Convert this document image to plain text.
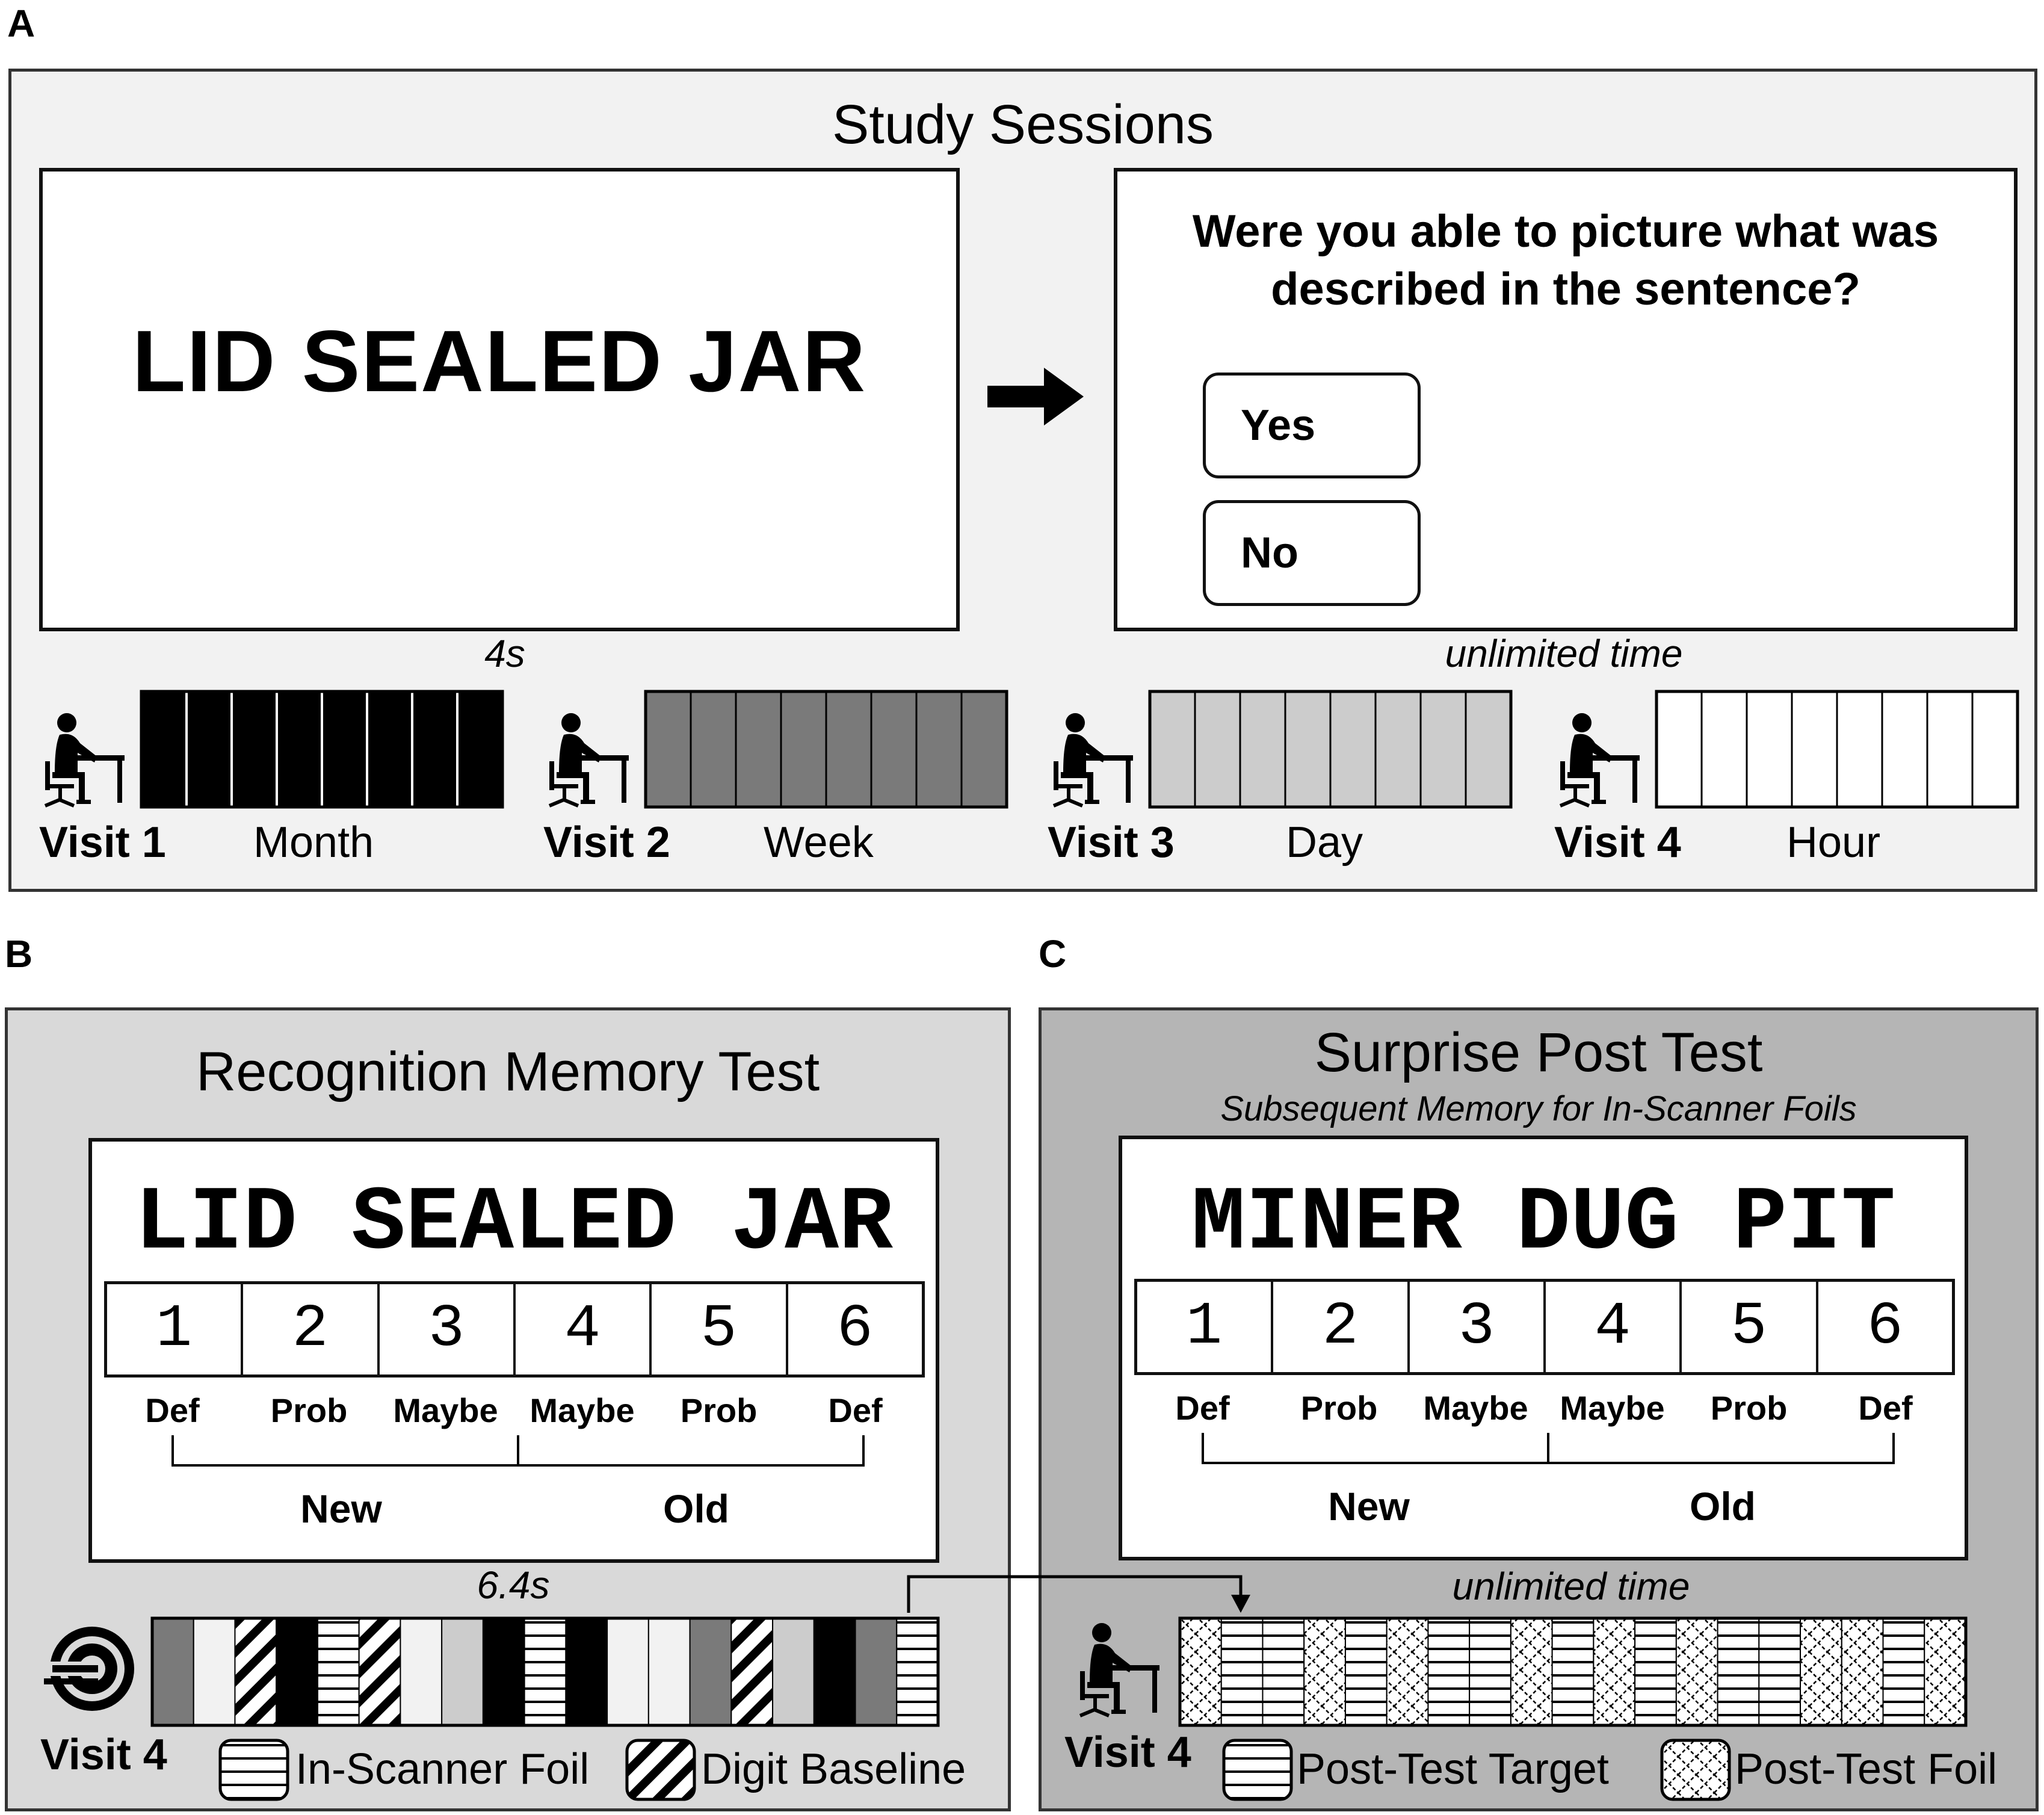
A
Study Sessions
LID SEALED JAR
Were you able to picture what was described in the sentence?
Yes
No
4s	unlimited time
Visit 1 Month	Visit 2 Week	Visit 3	Day	Visit 4 Hour
B
Recognition Memory Test
LID SEALED JAR
1	2	3	4	5	6
Def	Prob	Maybe Maybe	Prob	Def
New	Old
6.4s
Visit 4	In-Scanner Foil	Digit Baseline
C
Surprise Post Test
Subsequent Memory for In-Scanner Foils
MINER DUG PIT
1	2	3	4	5	6
Def	Prob	Maybe Maybe	Prob	Def
New	Old
unlimited time
Visit 4 Post-Test Target	Post-Test Foil
